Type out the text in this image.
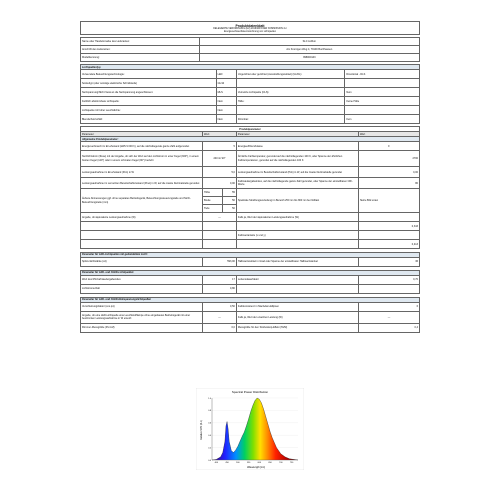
Produktdatenblatt
DELEGIERTE VERORDNUNG (EU) 2019/2015 DER KOMMISSION zur
Energieverbrauchskennzeichnung von Lichtquellen
Name oder Handelsmarke des Lieferanten:	SLC LicRon
Anschrift des Lieferanten:	Am Krumigen Weg 4, 79100 Buchhausen
Modellkennung:	998000143
Lichtquellentyp			
Verwendete Beleuchtungstechnologie:	LED	Ungerichtet oder gerichtet (Ausstrahlungswinkel) (UL/DL):	Directional - DLS
Sockeltyp (oder sonstige elektrische Schnittstelle)	GU10		
Netzspannung/Nicht Vesä an die Netzspannung angeschlossen:	MLS	Vernetzte Lichtquelle (CLS):	Nein
Farblich abstimmbare Lichtquelle:	Nein	Hülle:	Keine Hülle
Lichtquelle mit hoher Leuchtdichte:	Nein		
Blendschutzschild:	Nein	Dimmbar:	Kein
Produktparameter				
Parameter	Wert		Parameter	Wert
Allgemeine Produktparameter:				
Energieverbrauch im Ein-Zustand (kWh/1 000 h), auf die nächstliegende ganze Zahl aufgerundet	5		Energieeffizienzklasse	F
Nutzlichtstrom (Φuse) mit der Angabe, ob sich der Wert auf den Lichtstrom in einer Kugel (360°), in einem breiten Kegel (120°) oder in einem schmalen Kegel (90°) bezieht	240 im 90°		Ähnliche Farbtemperatur, gerundet auf die nächstliegenden 100 K, oder Spanne der ähnlichen Farbtemperaturen, gerundet auf die nächstliegenden 100 K	2700
Leistungsaufnahme im Ein-Zustand (Pon) in W	5,0		Leistungsaufnahme im Bereitschaftszustand (Psb) in W, auf die zweite Dezimalstelle gerundet	0,00
Leistungsaufnahme im vernetzten Bereitschaftszustand (Pnet) in W, auf die zweite Dezimalstelle gerundet	0,00		Farbwiedergabeindex, auf die nächstliegende ganze Zahl gerundet, oder Spanne der einstellbaren CRI-Werte	80
Äußere Abmessungen ggf. ohne separates Betriebsgerät, Beleuchtungssteuerungsteile und Nicht-Beleuchtungsteile (mm)	Höhe	55	Spektrale Strahlungsverteilung im Bereich 250 nm bis 800 nm bei Volllast	Siehe Bild unten
	Breite	50		
	Tiefe	50		
Angabe, ob äquivalente Leistungsaufnahme (W)	—		Falls ja, Wert der äquivalenten Leistungsaufnahme (W)	
				0,343
			Farbwertanteile (x und y)	
				0,413
Parameter für LED-Lichtquellen mit gebündeltem Licht:
Spitzenlichtstärke (cd)	593,00	Halbwertswinkel in Grad oder Spanne der einstellbaren Halbwertswinkel	36
Parameter für LED- und OLED-Lichtquellen:			
Wert des R9-Farbwiedergabeindex	17	Lebensdauerfaktor	0,70
Lichtstromerhalt	0,80		
Parameter für LED- und OLED-Netzspannungslichtquellen			
Verschiebungsfaktor (cos φ1)	0,50	Farbkonsistenz in MacAdam-Ellipsen	6
Angabe, ob eine LED-Lichtquelle eine Leuchtstofflampe ohne eingebautes Betriebsgerät mit einer bestimmten Leistungsaufnahme in W ersetzt	—	Falls ja, Wert der ersetzten Leistung (W)	—
Flimmer-Messgröße (Pst LM)	0,0	Messgröße für den Stroboskop-Effekt (SVM)	0,4
Spectral Power Distribution
0.0
0.2
0.4
0.6
0.8
1.0
400	450	500	550	600	650	700	750
Wavelength [nm]
Relative SPD (0-1)
